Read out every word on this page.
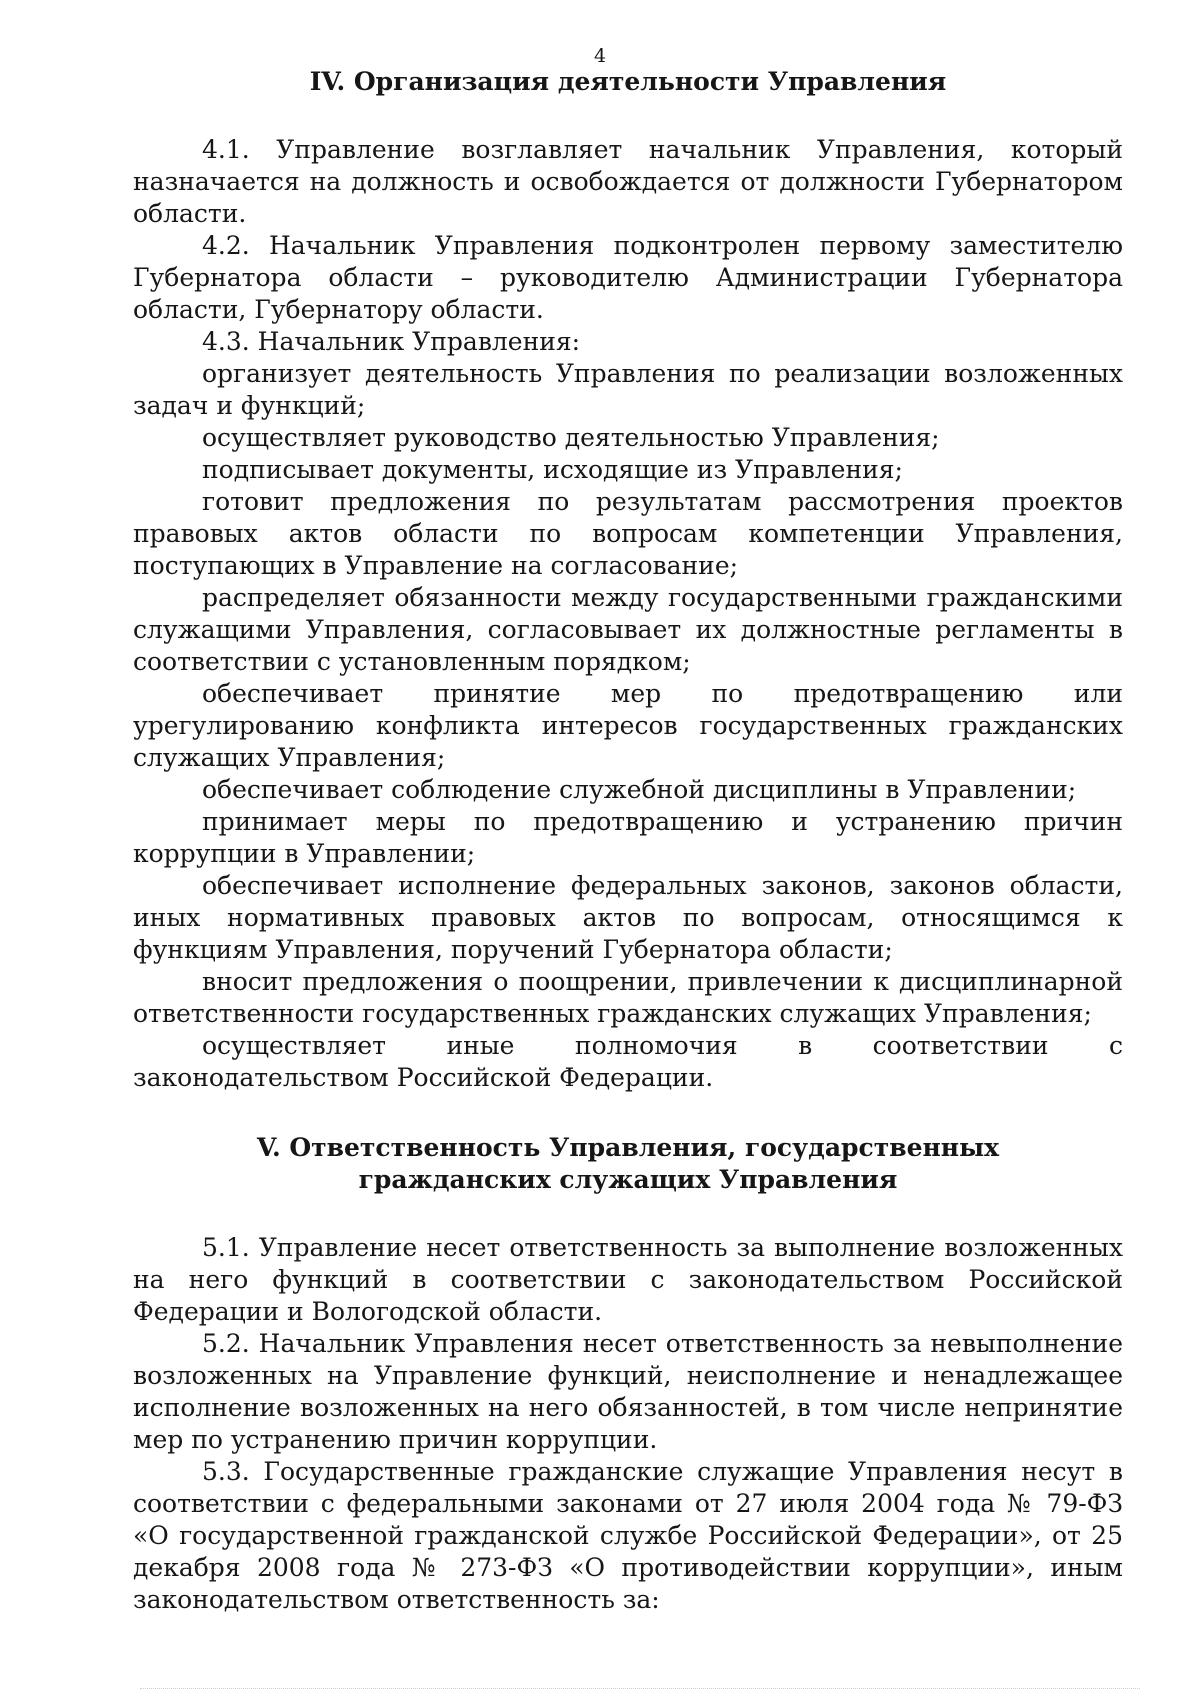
4
IV. Организация деятельности Управления

4.1. Управление возглавляет начальник Управления, который назначается на должность и освобождается от должности Губернатором области.

4.2. Начальник Управления подконтролен первому заместителю Губернатора области – руководителю Администрации Губернатора области, Губернатору области.

4.3. Начальник Управления:

организует деятельность Управления по реализации возложенных задач и функций;

осуществляет руководство деятельностью Управления;

подписывает документы, исходящие из Управления;

готовит предложения по результатам рассмотрения проектов правовых актов области по вопросам компетенции Управления, поступающих в Управление на согласование;

распределяет обязанности между государственными гражданскими служащими Управления, согласовывает их должностные регламенты в соответствии с установленным порядком;

обеспечивает принятие мер по предотвращению или урегулированию конфликта интересов государственных гражданских служащих Управления;

обеспечивает соблюдение служебной дисциплины в Управлении;

принимает меры по предотвращению и устранению причин коррупции в Управлении;

обеспечивает исполнение федеральных законов, законов области, иных нормативных правовых актов по вопросам, относящимся к функциям Управления, поручений Губернатора области;

вносит предложения о поощрении, привлечении к дисциплинарной ответственности государственных гражданских служащих Управления;

осуществляет иные полномочия в соответствии с законодательством Российской Федерации.

V. Ответственность Управления, государственных
гражданских служащих Управления

5.1. Управление несет ответственность за выполнение возложенных на него функций в соответствии с законодательством Российской Федерации и Вологодской области.

5.2. Начальник Управления несет ответственность за невыполнение возложенных на Управление функций, неисполнение и ненадлежащее исполнение возложенных на него обязанностей, в том числе непринятие мер по устранению причин коррупции.

5.3. Государственные гражданские служащие Управления несут в соответствии с федеральными законами от 27 июля 2004 года № 79-ФЗ «О государственной гражданской службе Российской Федерации», от 25 декабря 2008 года № 273-ФЗ «О противодействии коррупции», иным законодательством ответственность за:
